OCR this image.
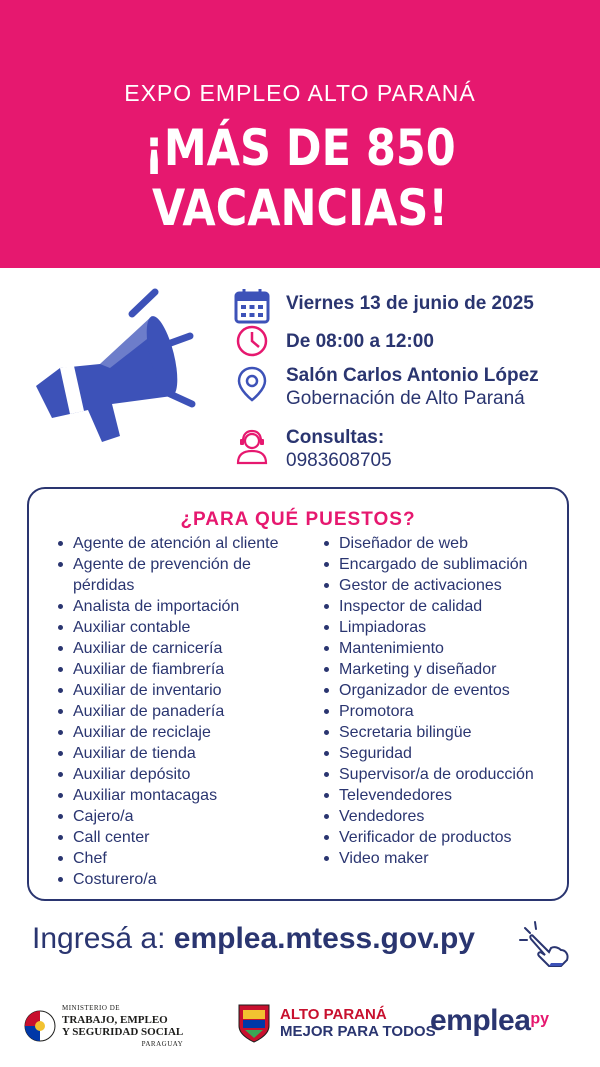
EXPO EMPLEO ALTO PARANÁ
¡MÁS DE 850
VACANCIAS!
Viernes 13 de junio de 2025
De 08:00 a 12:00
Salón Carlos Antonio López
Gobernación de Alto Paraná
Consultas:
0983608705
¿PARA QUÉ PUESTOS?
Agente de atención al cliente
Agente de prevención de pérdidas
Analista de importación
Auxiliar contable
Auxiliar de carnicería
Auxiliar de fiambrería
Auxiliar de inventario
Auxiliar de panadería
Auxiliar de reciclaje
Auxiliar de tienda
Auxiliar depósito
Auxiliar montacagas
Cajero/a
Call center
Chef
Costurero/a
Diseñador de web
Encargado de sublimación
Gestor de activaciones
Inspector de calidad
Limpiadoras
Mantenimiento
Marketing y diseñador
Organizador de eventos
Promotora
Secretaria bilingüe
Seguridad
Supervisor/a de oroducción
Televendedores
Vendedores
Verificador de productos
Video maker
Ingresá a: emplea.mtess.gov.py
MINISTERIO DE
TRABAJO, EMPLEO
Y SEGURIDAD SOCIAL
PARAGUAY
ALTO PARANÁ
MEJOR PARA TODOS
empleapy
